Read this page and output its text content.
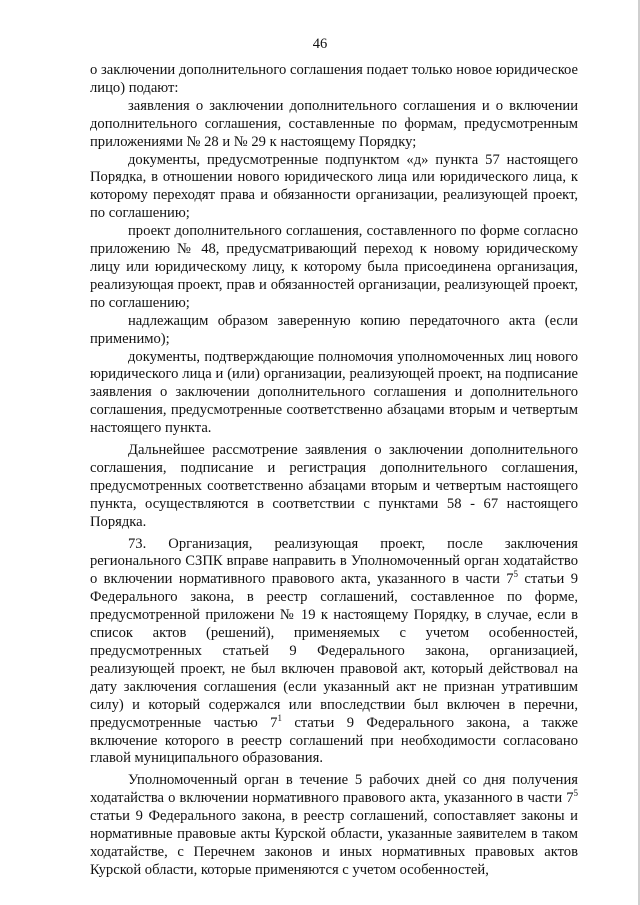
46

о заключении дополнительного соглашения подает только новое юридическое лицо) подают:

заявления о заключении дополнительного соглашения и о включении дополнительного соглашения, составленные по формам, предусмотренным приложениями № 28 и № 29 к настоящему Порядку;

документы, предусмотренные подпунктом «д» пункта 57 настоящего Порядка, в отношении нового юридического лица или юридического лица, к которому переходят права и обязанности организации, реализующей проект, по соглашению;

проект дополнительного соглашения, составленного по форме согласно приложению № 48, предусматривающий переход к новому юридическому лицу или юридическому лицу, к которому была присоединена организация, реализующая проект, прав и обязанностей организации, реализующей проект, по соглашению;

надлежащим образом заверенную копию передаточного акта (если применимо);

документы, подтверждающие полномочия уполномоченных лиц нового юридического лица и (или) организации, реализующей проект, на подписание заявления о заключении дополнительного соглашения и дополнительного соглашения, предусмотренные соответственно абзацами вторым и четвертым настоящего пункта.

Дальнейшее рассмотрение заявления о заключении дополнительного соглашения, подписание и регистрация дополнительного соглашения, предусмотренных соответственно абзацами вторым и четвертым настоящего пункта, осуществляются в соответствии с пунктами 58 - 67 настоящего Порядка.

73. Организация, реализующая проект, после заключения регионального СЗПК вправе направить в Уполномоченный орган ходатайство о включении нормативного правового акта, указанного в части $7^5$ статьи 9 Федерального закона, в реестр соглашений, составленное по форме, предусмотренной приложени № 19 к настоящему Порядку, в случае, если в список актов (решений), применяемых с учетом особенностей, предусмотренных статьей 9 Федерального закона, организацией, реализующей проект, не был включен правовой акт, который действовал на дату заключения соглашения (если указанный акт не признан утратившим силу) и который содержался или впоследствии был включен в перечни, предусмотренные частью $7^1$ статьи 9 Федерального закона, а также включение которого в реестр соглашений при необходимости согласовано главой муниципального образования.

Уполномоченный орган в течение 5 рабочих дней со дня получения ходатайства о включении нормативного правового акта, указанного в части $7^5$ статьи 9 Федерального закона, в реестр соглашений, сопоставляет законы и нормативные правовые акты Курской области, указанные заявителем в таком ходатайстве, с Перечнем законов и иных нормативных правовых актов Курской области, которые применяются с учетом особенностей,
